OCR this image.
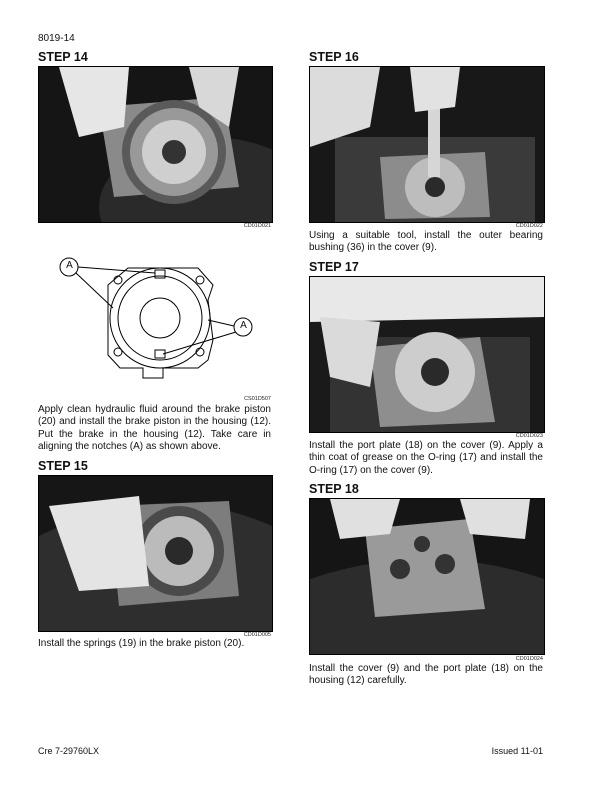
8019-14
STEP 14
CD01D021
A
A
CS01D507
Apply clean hydraulic fluid around the brake piston (20) and install the brake piston in the housing (12). Put the brake in the housing (12). Take care in aligning the notches (A) as shown above.
STEP 15
CD01D005
Install the springs (19) in the brake piston (20).
STEP 16
CD01D022
Using a suitable tool, install the outer bearing bushing (36) in the cover (9).
STEP 17
CD01D023
Install the port plate (18) on the cover (9). Apply a thin coat of grease on the O-ring (17) and install the O-ring (17) on the cover (9).
STEP 18
CD01D024
Install the cover (9) and the port plate (18) on the housing (12) carefully.
Cre 7-29760LX	Issued 11-01
